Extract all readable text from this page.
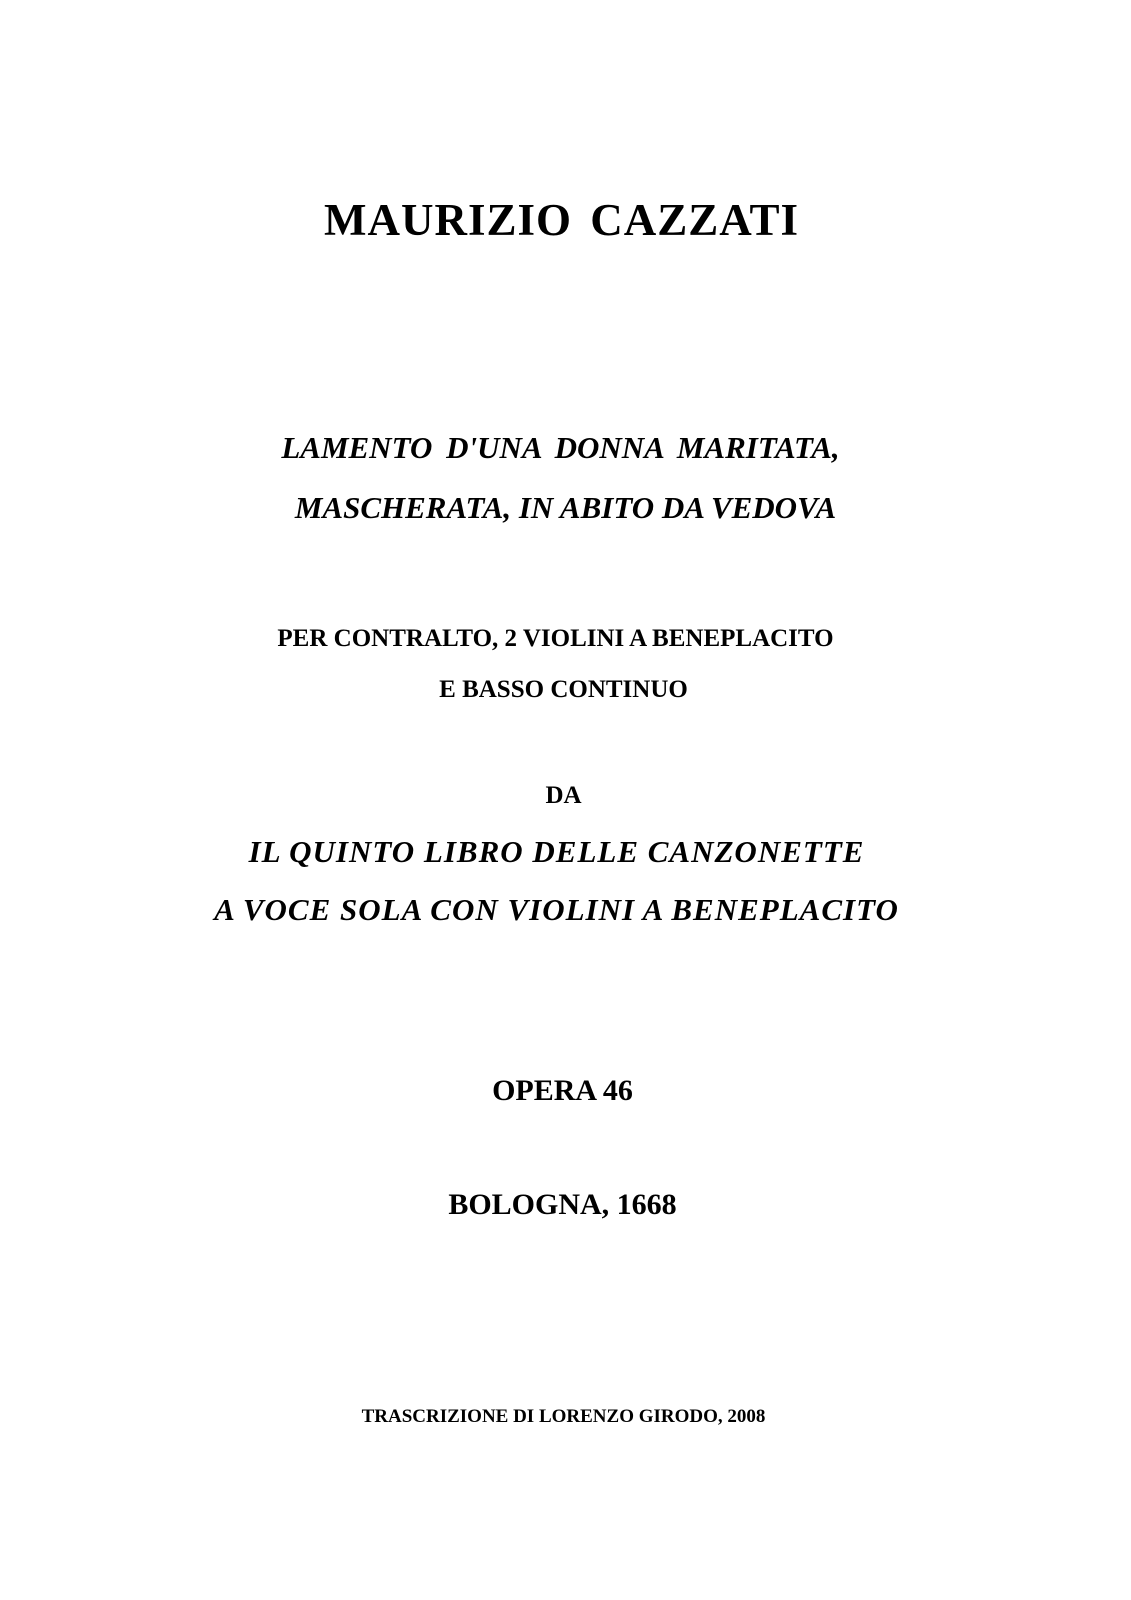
MAURIZIO CAZZATI
LAMENTO D'UNA DONNA MARITATA,
MASCHERATA, IN ABITO DA VEDOVA
PER CONTRALTO, 2 VIOLINI A BENEPLACITO
E BASSO CONTINUO
DA
IL QUINTO LIBRO DELLE CANZONETTE
A VOCE SOLA CON VIOLINI A BENEPLACITO
OPERA 46
BOLOGNA, 1668
TRASCRIZIONE DI LORENZO GIRODO, 2008
